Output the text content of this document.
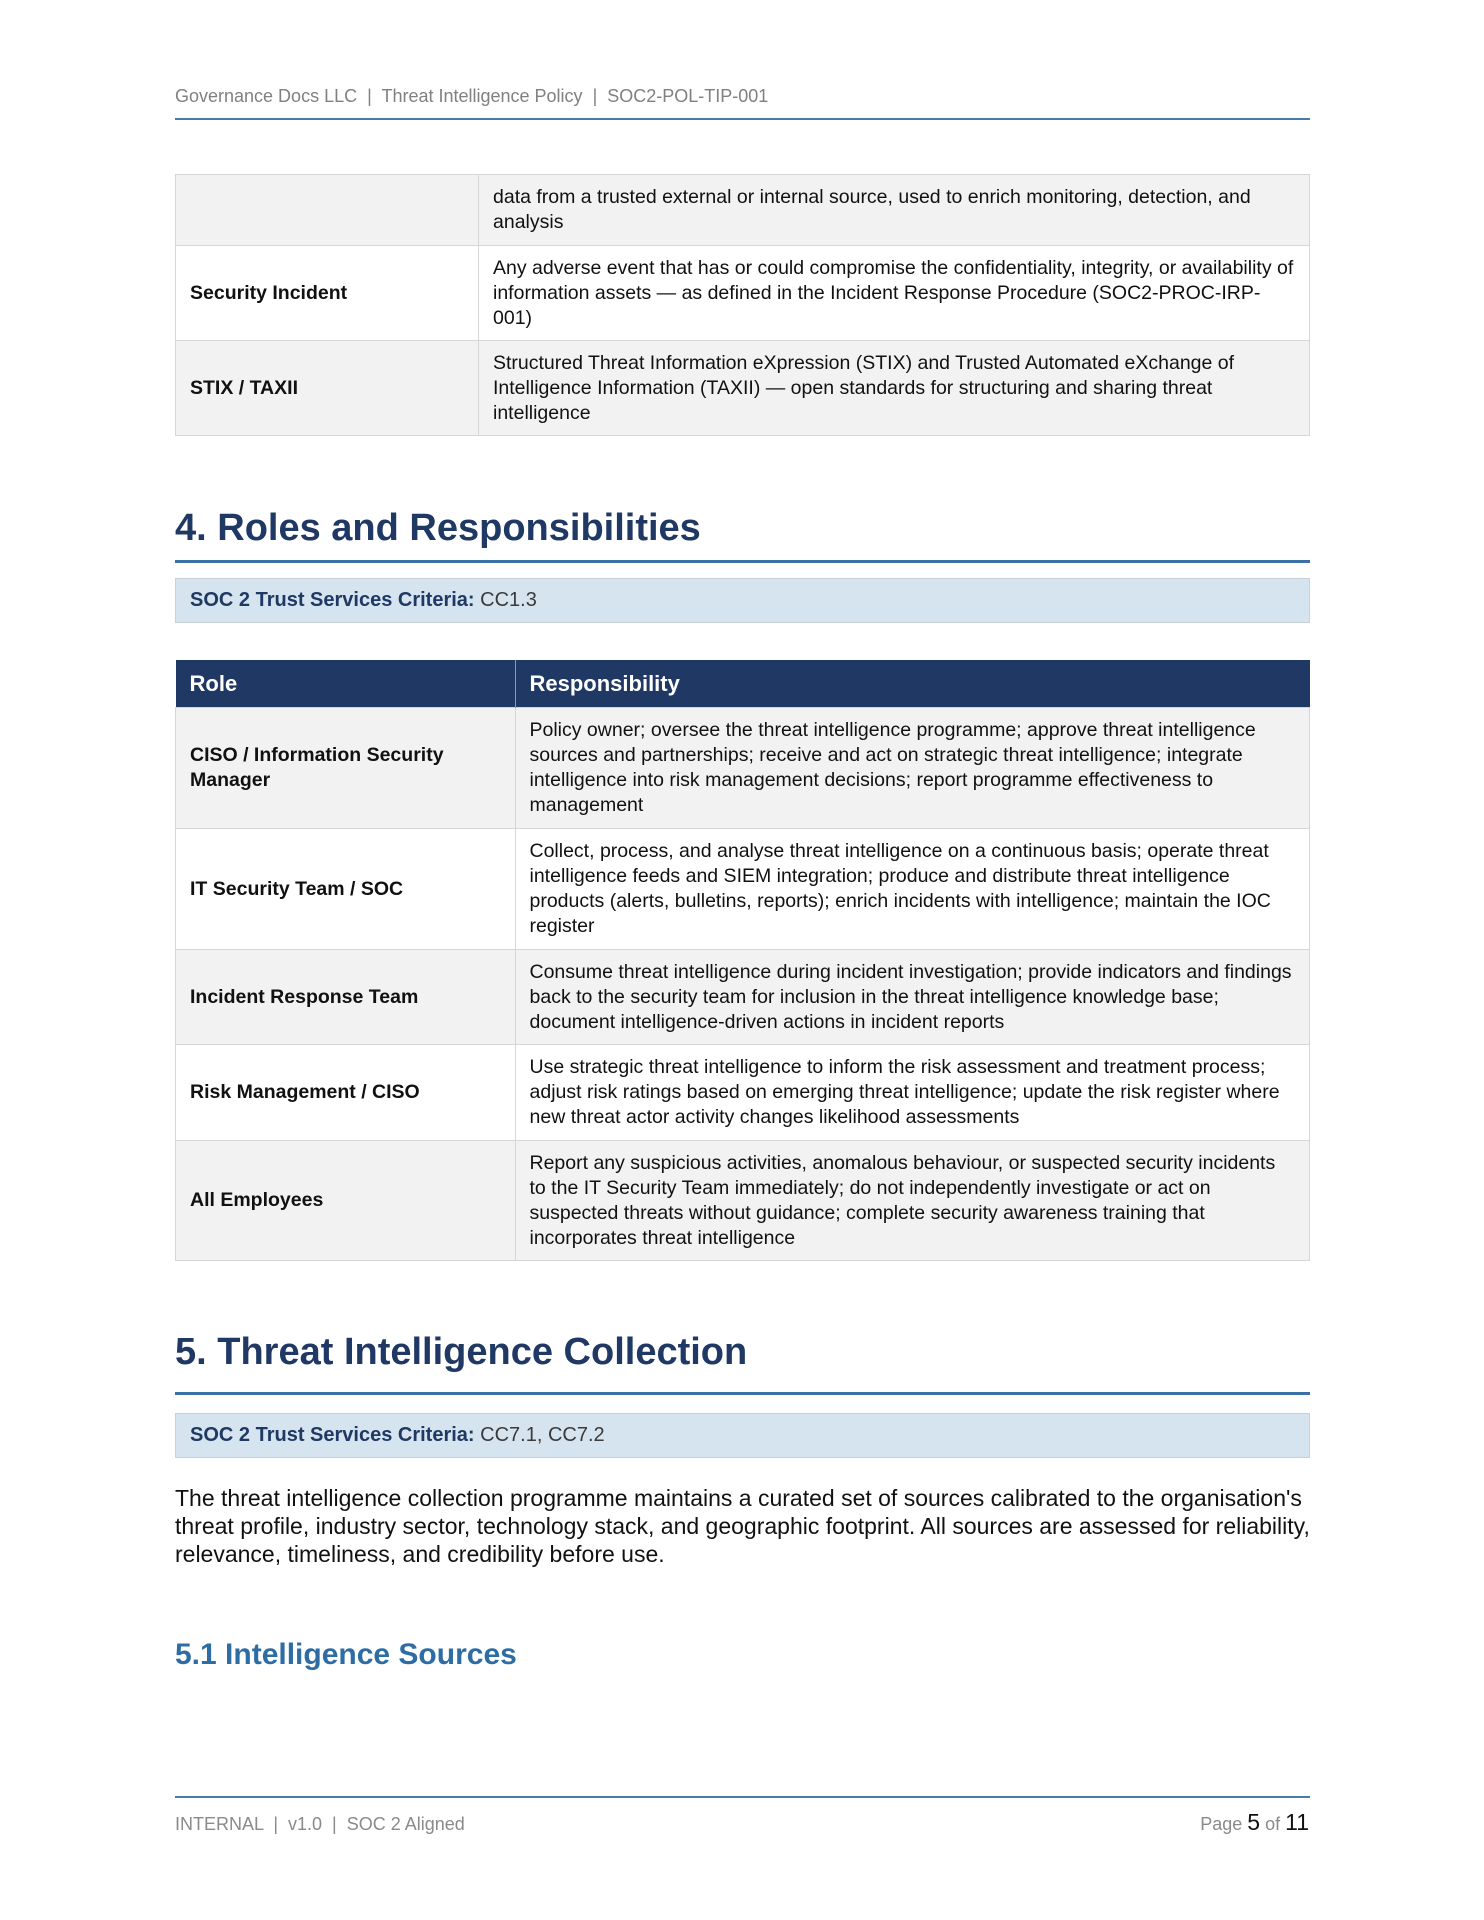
Governance Docs LLC  |  Threat Intelligence Policy  |  SOC2-POL-TIP-001
	data from a trusted external or internal source, used to enrich monitoring, detection, and analysis
Security Incident	Any adverse event that has or could compromise the confidentiality, integrity, or availability of information assets — as defined in the Incident Response Procedure (SOC2-PROC-IRP-001)
STIX / TAXII	Structured Threat Information eXpression (STIX) and Trusted Automated eXchange of Intelligence Information (TAXII) — open standards for structuring and sharing threat intelligence
4. Roles and Responsibilities
SOC 2 Trust Services Criteria: CC1.3
Role	Responsibility
CISO / Information Security Manager	Policy owner; oversee the threat intelligence programme; approve threat intelligence sources and partnerships; receive and act on strategic threat intelligence; integrate intelligence into risk management decisions; report programme effectiveness to management
IT Security Team / SOC	Collect, process, and analyse threat intelligence on a continuous basis; operate threat intelligence feeds and SIEM integration; produce and distribute threat intelligence products (alerts, bulletins, reports); enrich incidents with intelligence; maintain the IOC register
Incident Response Team	Consume threat intelligence during incident investigation; provide indicators and findings back to the security team for inclusion in the threat intelligence knowledge base; document intelligence-driven actions in incident reports
Risk Management / CISO	Use strategic threat intelligence to inform the risk assessment and treatment process; adjust risk ratings based on emerging threat intelligence; update the risk register where new threat actor activity changes likelihood assessments
All Employees	Report any suspicious activities, anomalous behaviour, or suspected security incidents to the IT Security Team immediately; do not independently investigate or act on suspected threats without guidance; complete security awareness training that incorporates threat intelligence
5. Threat Intelligence Collection
SOC 2 Trust Services Criteria: CC7.1, CC7.2
The threat intelligence collection programme maintains a curated set of sources calibrated to the organisation's threat profile, industry sector, technology stack, and geographic footprint. All sources are assessed for reliability, relevance, timeliness, and credibility before use.
5.1 Intelligence Sources
INTERNAL  |  v1.0  |  SOC 2 Aligned	Page 5 of 11
